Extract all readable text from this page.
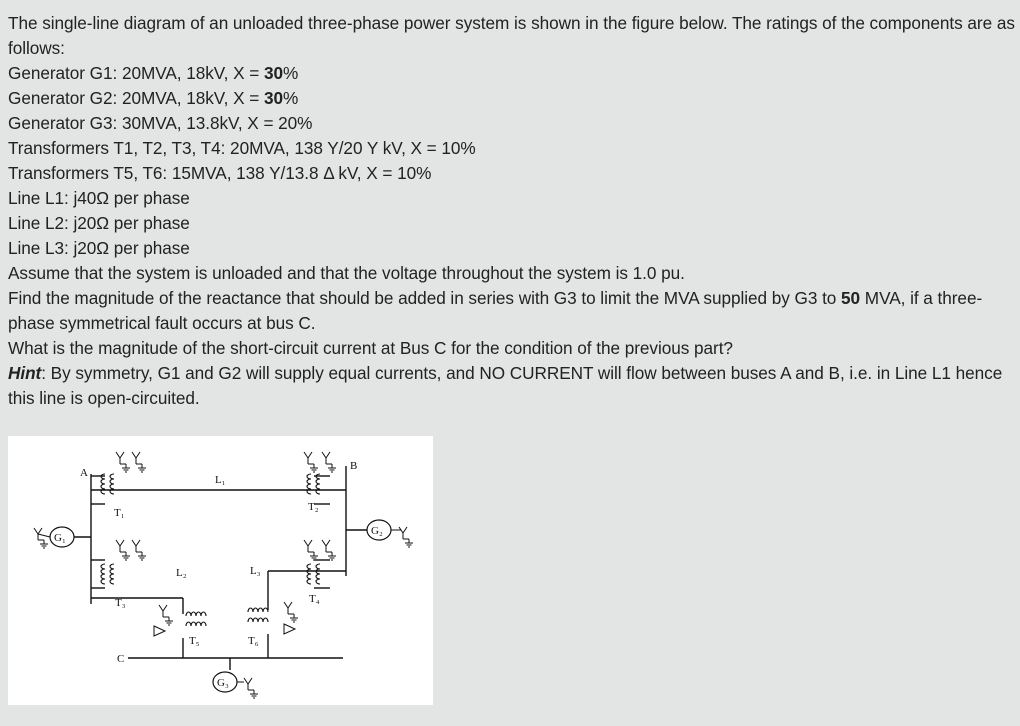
The single-line diagram of an unloaded three-phase power system is shown in the figure below. The ratings of the components are as follows:

Generator G1: 20MVA, 18kV, X = 30%

Generator G2: 20MVA, 18kV, X = 30%

Generator G3: 30MVA, 13.8kV, X = 20%

Transformers T1, T2, T3, T4: 20MVA, 138 Y/20 Y kV, X = 10%

Transformers T5, T6: 15MVA, 138 Y/13.8 Δ kV, X = 10%

Line L1: j40Ω per phase

Line L2: j20Ω per phase

Line L3: j20Ω per phase

Assume that the system is unloaded and that the voltage throughout the system is 1.0 pu.

Find the magnitude of the reactance that should be added in series with G3 to limit the MVA supplied by G3 to 50 MVA, if a three-phase symmetrical fault occurs at bus C.

What is the magnitude of the short-circuit current at Bus C for the condition of the previous part?

Hint: By symmetry, G1 and G2 will supply equal currents, and NO CURRENT will flow between buses A and B, i.e. in Line L1 hence this line is open-circuited.

A
B
C
L₁
L₂	L₃
T₁	T₂
T₃	T₄
T₅	T₆
G₁
G₂
G₃
